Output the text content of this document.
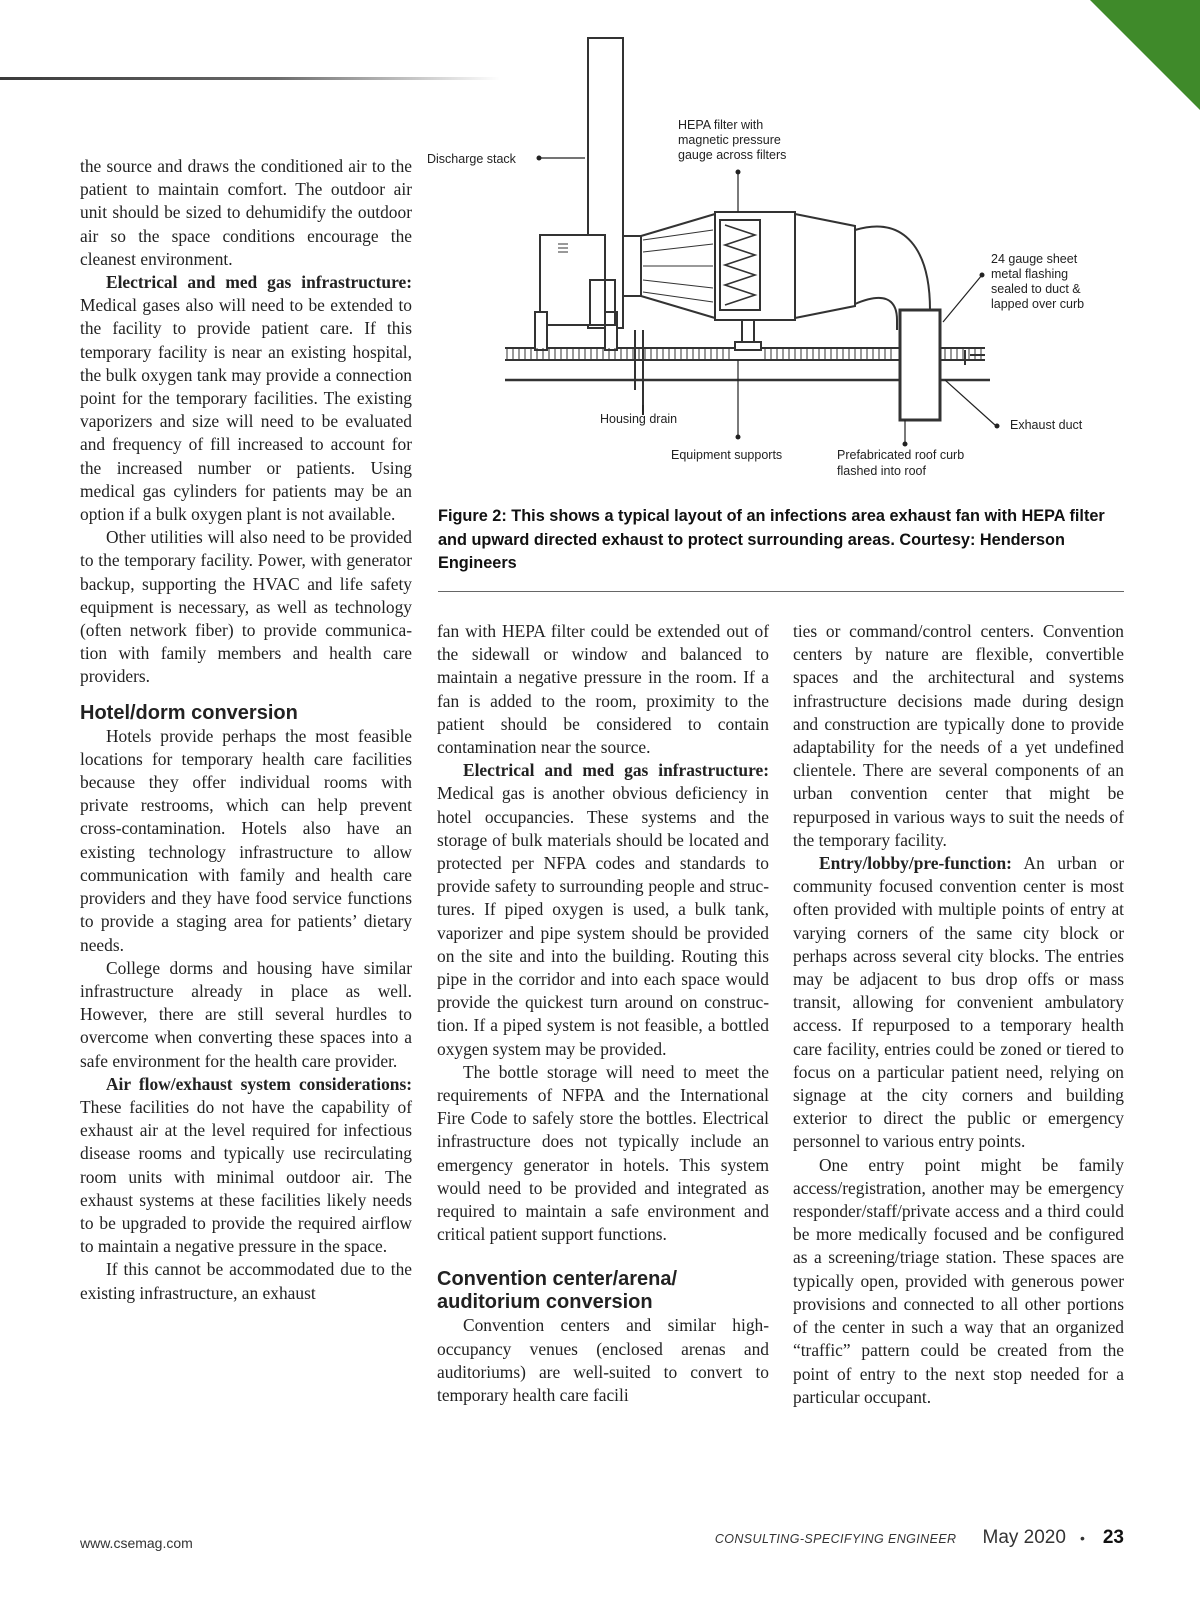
Discharge stack
HEPA filter with magnetic pressure gauge across filters
24 gauge sheet metal flashing sealed to duct & lapped over curb
Housing drain	Exhaust duct
Equipment supports	Prefabricated roof curb flashed into roof
Figure 2: This shows a typical layout of an infections area exhaust fan with HEPA filter and upward directed exhaust to protect surrounding areas. Courtesy: Henderson Engineers

the source and draws the conditioned air to the patient to maintain comfort. The outdoor air unit should be sized to dehumidify the outdoor air so the space conditions encourage the cleanest environment.

Electrical and med gas infrastructure: Medical gases also will need to be extended to the facility to provide patient care. If this temporary facility is near an existing hospital, the bulk oxygen tank may provide a connection point for the temporary facilities. The existing vaporizers and size will need to be evaluated and frequency of fill increased to account for the increased number or patients. Using medical gas cylinders for patients may be an option if a bulk oxygen plant is not available.

Other utilities will also need to be provided to the temporary facility. Power, with generator backup, supporting the HVAC and life safety equipment is necessary, as well as technology (often network fiber) to provide communication with family members and health care providers.

Hotel/dorm conversion

Hotels provide perhaps the most feasible locations for temporary health care facilities because they offer individual rooms with private restrooms, which can help prevent cross-contamination. Hotels also have an existing technology infrastructure to allow communication with family and health care providers and they have food service functions to provide a staging area for patients’ dietary needs.

College dorms and housing have similar infrastructure already in place as well. However, there are still several hurdles to overcome when converting these spaces into a safe environment for the health care provider.

Air flow/exhaust system considerations: These facilities do not have the capability of exhaust air at the level required for infectious disease rooms and typically use recirculating room units with minimal outdoor air. The exhaust systems at these facilities likely needs to be upgraded to provide the required airflow to maintain a negative pressure in the space.

If this cannot be accommodated due to the existing infrastructure, an exhaust

fan with HEPA filter could be extended out of the sidewall or window and balanced to maintain a negative pressure in the room. If a fan is added to the room, proximity to the patient should be considered to contain contamination near the source.

Electrical and med gas infrastructure: Medical gas is another obvious deficiency in hotel occupancies. These systems and the storage of bulk materials should be located and protected per NFPA codes and standards to provide safety to surrounding people and structures. If piped oxygen is used, a bulk tank, vaporizer and pipe system should be provided on the site and into the building. Routing this pipe in the corridor and into each space would provide the quickest turn around on construction. If a piped system is not feasible, a bottled oxygen system may be provided.

The bottle storage will need to meet the requirements of NFPA and the International Fire Code to safely store the bottles. Electrical infrastructure does not typically include an emergency generator in hotels. This system would need to be provided and integrated as required to maintain a safe environment and critical patient support functions.

Convention center/arena/
auditorium conversion

Convention centers and similar high-occupancy venues (enclosed arenas and auditoriums) are well-suited to convert to temporary health care facili

ties or command/control centers. Convention centers by nature are flexible, convertible spaces and the architectural and systems infrastructure decisions made during design and construction are typically done to provide adaptability for the needs of a yet undefined clientele. There are several components of an urban convention center that might be repurposed in various ways to suit the needs of the temporary facility.

Entry/lobby/pre-function: An urban or community focused convention center is most often provided with multiple points of entry at varying corners of the same city block or perhaps across several city blocks. The entries may be adjacent to bus drop offs or mass transit, allowing for convenient ambulatory access. If repurposed to a temporary health care facility, entries could be zoned or tiered to focus on a particular patient need, relying on signage at the city corners and building exterior to direct the public or emergency personnel to various entry points.

One entry point might be family access/registration, another may be emergency responder/staff/private access and a third could be more medically focused and be configured as a screening/triage station. These spaces are typically open, provided with generous power provisions and connected to all other portions of the center in such a way that an organized “traffic” pattern could be created from the point of entry to the next stop needed for a particular occupant.

www.csemag.com	CONSULTING-SPECIFYING ENGINEER May 2020 • 23
